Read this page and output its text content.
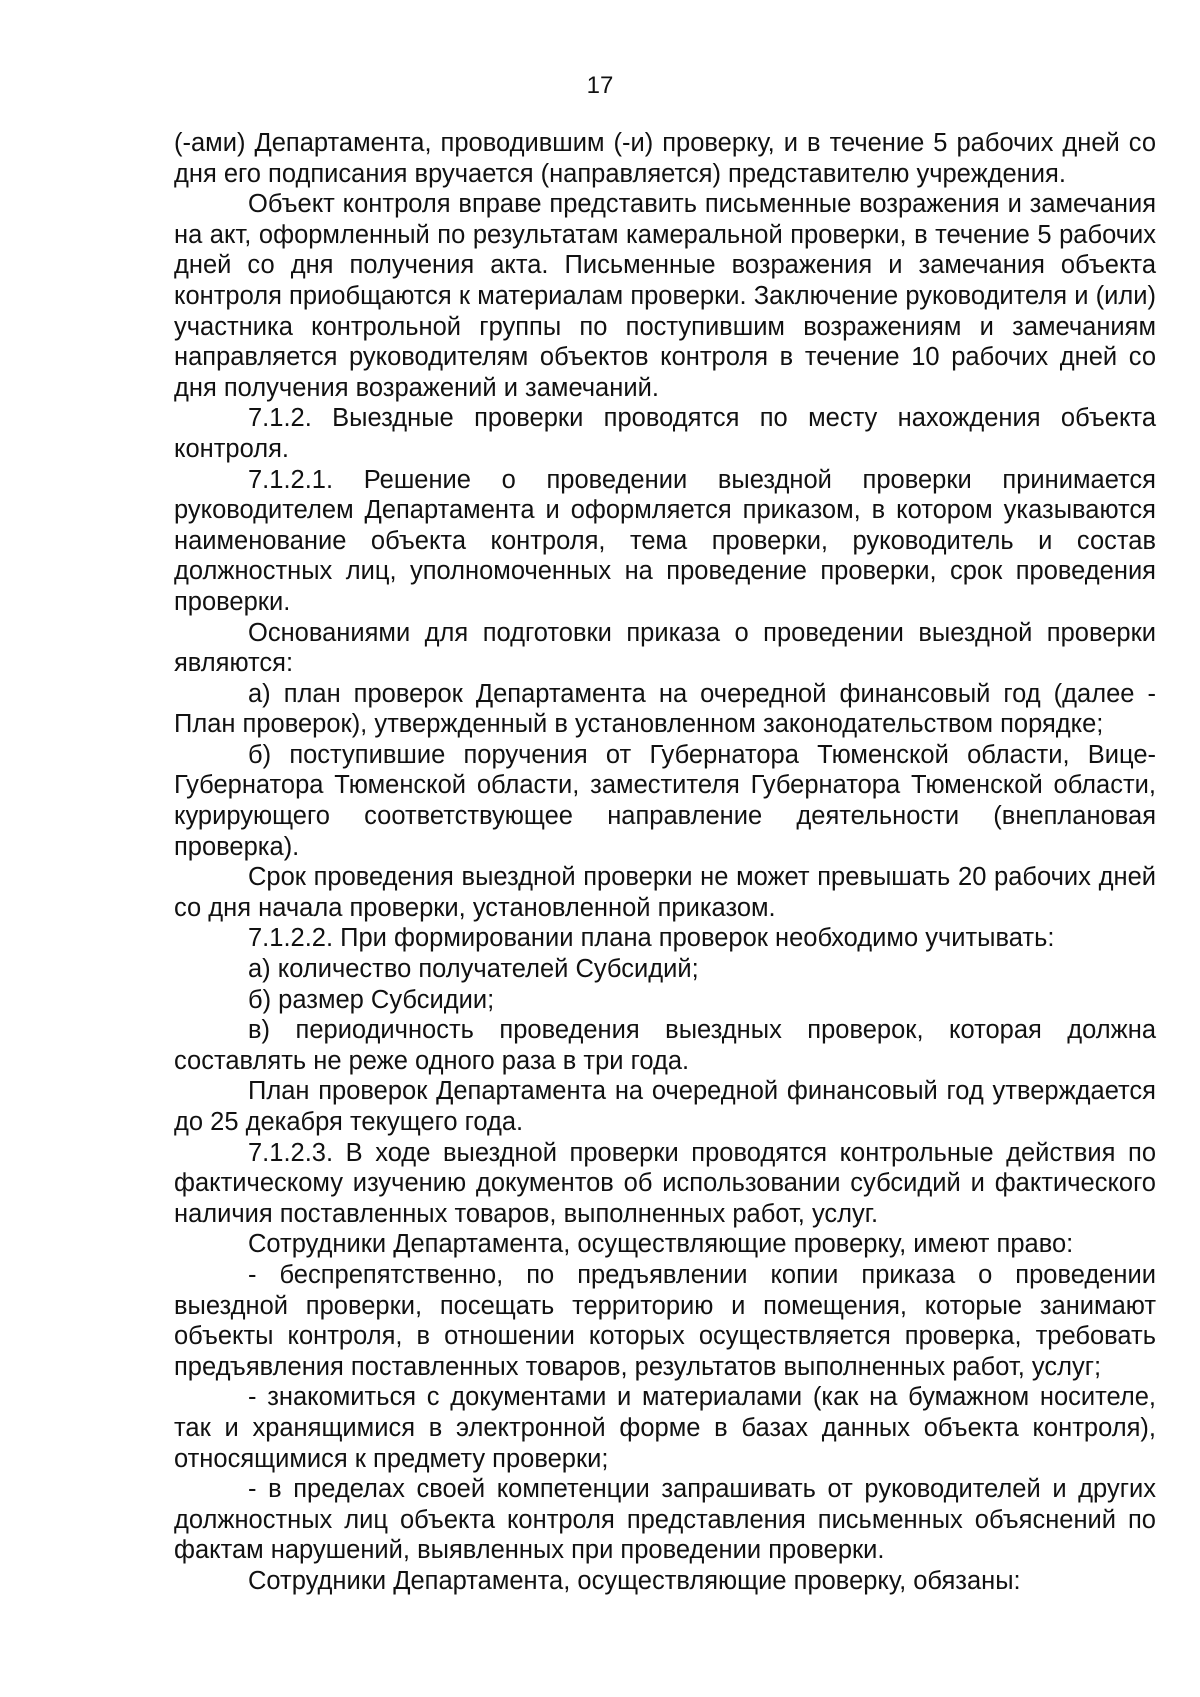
17

(-ами) Департамента, проводившим (-и) проверку, и в течение 5 рабочих дней со дня его подписания вручается (направляется) представителю учреждения.

Объект контроля вправе представить письменные возражения и замечания на акт, оформленный по результатам камеральной проверки, в течение 5 рабочих дней со дня получения акта. Письменные возражения и замечания объекта контроля приобщаются к материалам проверки. Заключение руководителя и (или) участника контрольной группы по поступившим возражениям и замечаниям направляется руководителям объектов контроля в течение 10 рабочих дней со дня получения возражений и замечаний.

7.1.2. Выездные проверки проводятся по месту нахождения объекта контроля.

7.1.2.1. Решение о проведении выездной проверки принимается руководителем Департамента и оформляется приказом, в котором указываются наименование объекта контроля, тема проверки, руководитель и состав должностных лиц, уполномоченных на проведение проверки, срок проведения проверки.

Основаниями для подготовки приказа о проведении выездной проверки являются:

а) план проверок Департамента на очередной финансовый год (далее - План проверок), утвержденный в установленном законодательством порядке;

б) поступившие поручения от Губернатора Тюменской области, Вице-Губернатора Тюменской области, заместителя Губернатора Тюменской области, курирующего соответствующее направление деятельности (внеплановая проверка).

Срок проведения выездной проверки не может превышать 20 рабочих дней со дня начала проверки, установленной приказом.

7.1.2.2. При формировании плана проверок необходимо учитывать:

а) количество получателей Субсидий;

б) размер Субсидии;

в) периодичность проведения выездных проверок, которая должна составлять не реже одного раза в три года.

План проверок Департамента на очередной финансовый год утверждается до 25 декабря текущего года.

7.1.2.3. В ходе выездной проверки проводятся контрольные действия по фактическому изучению документов об использовании субсидий и фактического наличия поставленных товаров, выполненных работ, услуг.

Сотрудники Департамента, осуществляющие проверку, имеют право:

- беспрепятственно, по предъявлении копии приказа о проведении выездной проверки, посещать территорию и помещения, которые занимают объекты контроля, в отношении которых осуществляется проверка, требовать предъявления поставленных товаров, результатов выполненных работ, услуг;

- знакомиться с документами и материалами (как на бумажном носителе, так и хранящимися в электронной форме в базах данных объекта контроля), относящимися к предмету проверки;

- в пределах своей компетенции запрашивать от руководителей и других должностных лиц объекта контроля представления письменных объяснений по фактам нарушений, выявленных при проведении проверки.

Сотрудники Департамента, осуществляющие проверку, обязаны:
